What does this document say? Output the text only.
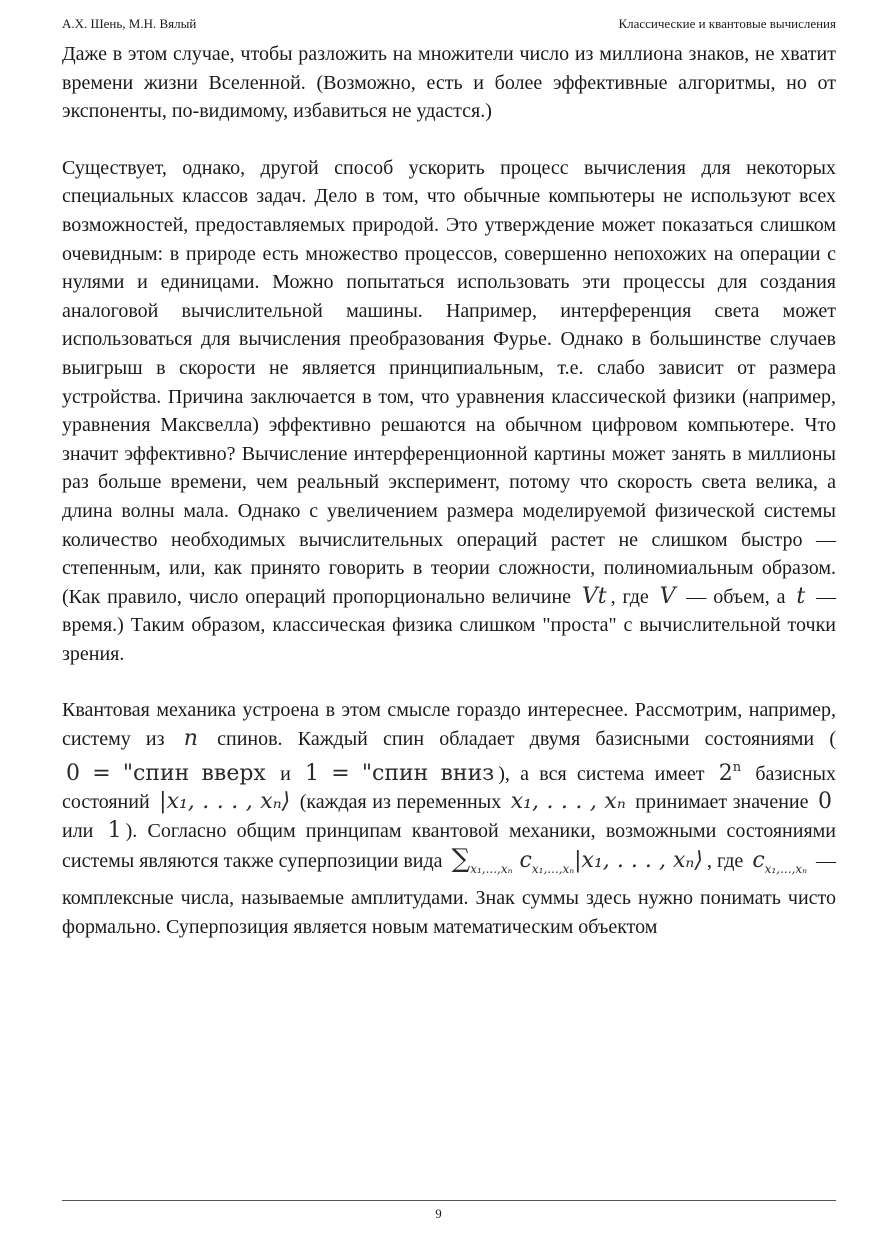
А.Х. Шень, М.Н. Вялый	Классические и квантовые вычисления

Даже в этом случае, чтобы разложить на множители число из миллиона знаков, не хватит времени жизни Вселенной. (Возможно, есть и более эффективные алгоритмы, но от экспоненты, по-видимому, избавиться не удастся.)

Существует, однако, другой способ ускорить процесс вычисления для некоторых специальных классов задач. Дело в том, что обычные компьютеры не используют всех возможностей, предоставляемых природой. Это утверждение может показаться слишком очевидным: в природе есть множество процессов, совершенно непохожих на операции с нулями и единицами. Можно попытаться использовать эти процессы для создания аналоговой вычислительной машины. Например, интерференция света может использоваться для вычисления преобразования Фурье. Однако в большинстве случаев выигрыш в скорости не является принципиальным, т.е. слабо зависит от размера устройства. Причина заключается в том, что уравнения классической физики (например, уравнения Максвелла) эффективно решаются на обычном цифровом компьютере. Что значит эффективно? Вычисление интерференционной картины может занять в миллионы раз больше времени, чем реальный эксперимент, потому что скорость света велика, а длина волны мала. Однако с увеличением размера моделируемой физической системы количество необходимых вычислительных операций растет не слишком быстро — степенным, или, как принято говорить в теории сложности, полиномиальным образом. (Как правило, число операций пропорционально величине Vt , где V — объем, а t — время.) Таким образом, классическая физика слишком "проста" с вычислительной точки зрения.

Квантовая механика устроена в этом смысле гораздо интереснее. Рассмотрим, например, систему из n спинов. Каждый спин обладает двумя базисными состояниями ( 0 = "спин вверх и 1 = "спин вниз ), а вся система имеет 2$^n$ базисных состояний |x₁, . . . , xₙ⟩ (каждая из переменных x₁, . . . , xₙ принимает значение 0 или 1 ). Согласно общим принципам квантовой механики, возможными состояниями системы являются также суперпозиции вида $\sum_{x_1,...,x_n}$ $c_{x_1,...,x_n}|x_1$, . . . , xₙ⟩ , где $c_{x_1,...,x_n}$ — комплексные числа, называемые амплитудами. Знак суммы здесь нужно понимать чисто формально. Суперпозиция является новым математическим объектом

9
